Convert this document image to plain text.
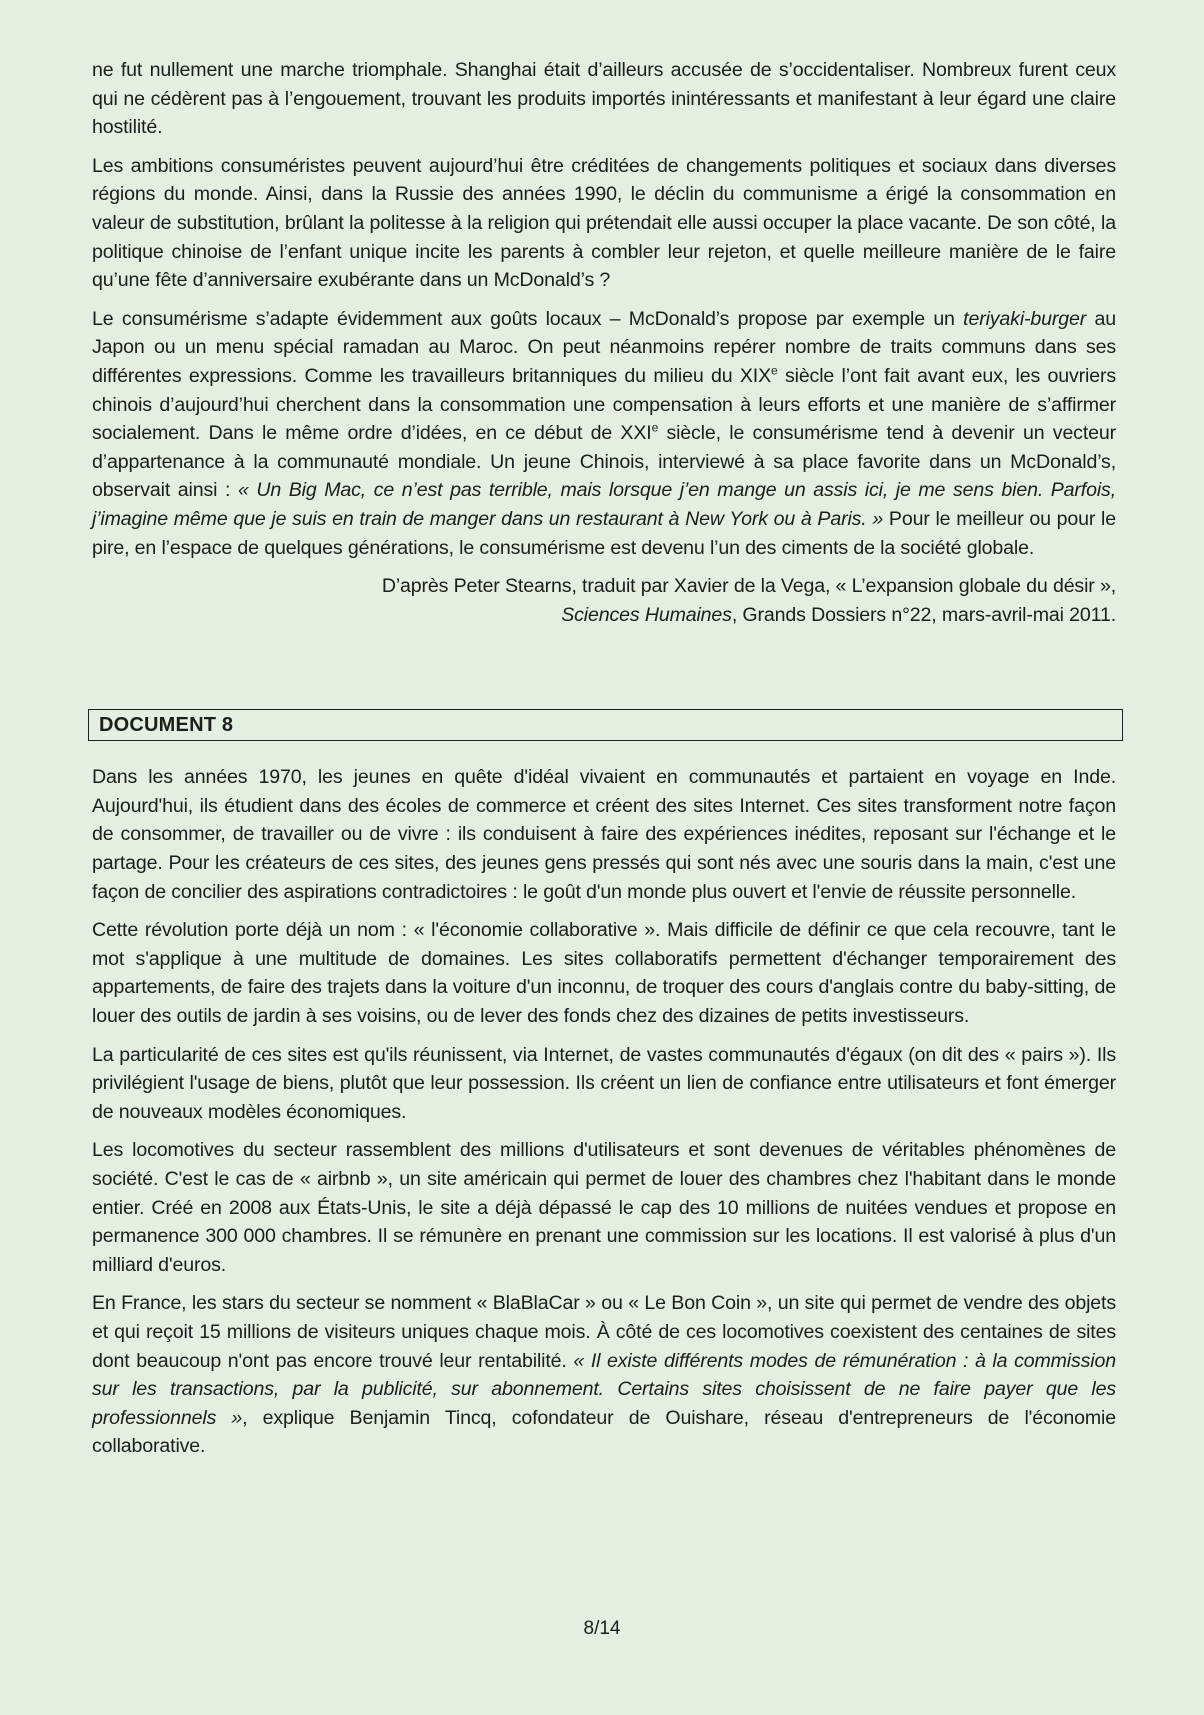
ne fut nullement une marche triomphale. Shanghai était d’ailleurs accusée de s’occidentaliser. Nombreux furent ceux qui ne cédèrent pas à l’engouement, trouvant les produits importés inintéressants et manifestant à leur égard une claire hostilité.

Les ambitions consuméristes peuvent aujourd’hui être créditées de changements politiques et sociaux dans diverses régions du monde. Ainsi, dans la Russie des années 1990, le déclin du communisme a érigé la consommation en valeur de substitution, brûlant la politesse à la religion qui prétendait elle aussi occuper la place vacante. De son côté, la politique chinoise de l’enfant unique incite les parents à combler leur rejeton, et quelle meilleure manière de le faire qu’une fête d’anniversaire exubérante dans un McDonald’s ?

Le consumérisme s’adapte évidemment aux goûts locaux – McDonald’s propose par exemple un teriyaki-burger au Japon ou un menu spécial ramadan au Maroc. On peut néanmoins repérer nombre de traits communs dans ses différentes expressions. Comme les travailleurs britanniques du milieu du XIXe siècle l’ont fait avant eux, les ouvriers chinois d’aujourd’hui cherchent dans la consommation une compensation à leurs efforts et une manière de s’affirmer socialement. Dans le même ordre d’idées, en ce début de XXIe siècle, le consumérisme tend à devenir un vecteur d’appartenance à la communauté mondiale. Un jeune Chinois, interviewé à sa place favorite dans un McDonald’s, observait ainsi : « Un Big Mac, ce n’est pas terrible, mais lorsque j’en mange un assis ici, je me sens bien. Parfois, j’imagine même que je suis en train de manger dans un restaurant à New York ou à Paris. » Pour le meilleur ou pour le pire, en l’espace de quelques générations, le consumérisme est devenu l’un des ciments de la société globale.

D’après Peter Stearns, traduit par Xavier de la Vega, « L’expansion globale du désir »,

Sciences Humaines, Grands Dossiers n°22, mars-avril-mai 2011.

DOCUMENT 8

Dans les années 1970, les jeunes en quête d'idéal vivaient en communautés et partaient en voyage en Inde. Aujourd'hui, ils étudient dans des écoles de commerce et créent des sites Internet. Ces sites transforment notre façon de consommer, de travailler ou de vivre : ils conduisent à faire des expériences inédites, reposant sur l'échange et le partage. Pour les créateurs de ces sites, des jeunes gens pressés qui sont nés avec une souris dans la main, c'est une façon de concilier des aspirations contradictoires : le goût d'un monde plus ouvert et l'envie de réussite personnelle.

Cette révolution porte déjà un nom : « l'économie collaborative ». Mais difficile de définir ce que cela recouvre, tant le mot s'applique à une multitude de domaines. Les sites collaboratifs permettent d'échanger temporairement des appartements, de faire des trajets dans la voiture d'un inconnu, de troquer des cours d'anglais contre du baby-sitting, de louer des outils de jardin à ses voisins, ou de lever des fonds chez des dizaines de petits investisseurs.

La particularité de ces sites est qu'ils réunissent, via Internet, de vastes communautés d'égaux (on dit des « pairs »). Ils privilégient l'usage de biens, plutôt que leur possession. Ils créent un lien de confiance entre utilisateurs et font émerger de nouveaux modèles économiques.

Les locomotives du secteur rassemblent des millions d'utilisateurs et sont devenues de véritables phénomènes de société. C'est le cas de « airbnb », un site américain qui permet de louer des chambres chez l'habitant dans le monde entier. Créé en 2008 aux États-Unis, le site a déjà dépassé le cap des 10 millions de nuitées vendues et propose en permanence 300 000 chambres. Il se rémunère en prenant une commission sur les locations. Il est valorisé à plus d'un milliard d'euros.

En France, les stars du secteur se nomment « BlaBlaCar » ou « Le Bon Coin », un site qui permet de vendre des objets et qui reçoit 15 millions de visiteurs uniques chaque mois. À côté de ces locomotives coexistent des centaines de sites dont beaucoup n'ont pas encore trouvé leur rentabilité. « Il existe différents modes de rémunération : à la commission sur les transactions, par la publicité, sur abonnement. Certains sites choisissent de ne faire payer que les professionnels », explique Benjamin Tincq, cofondateur de Ouishare, réseau d'entrepreneurs de l'économie collaborative.

8/14
